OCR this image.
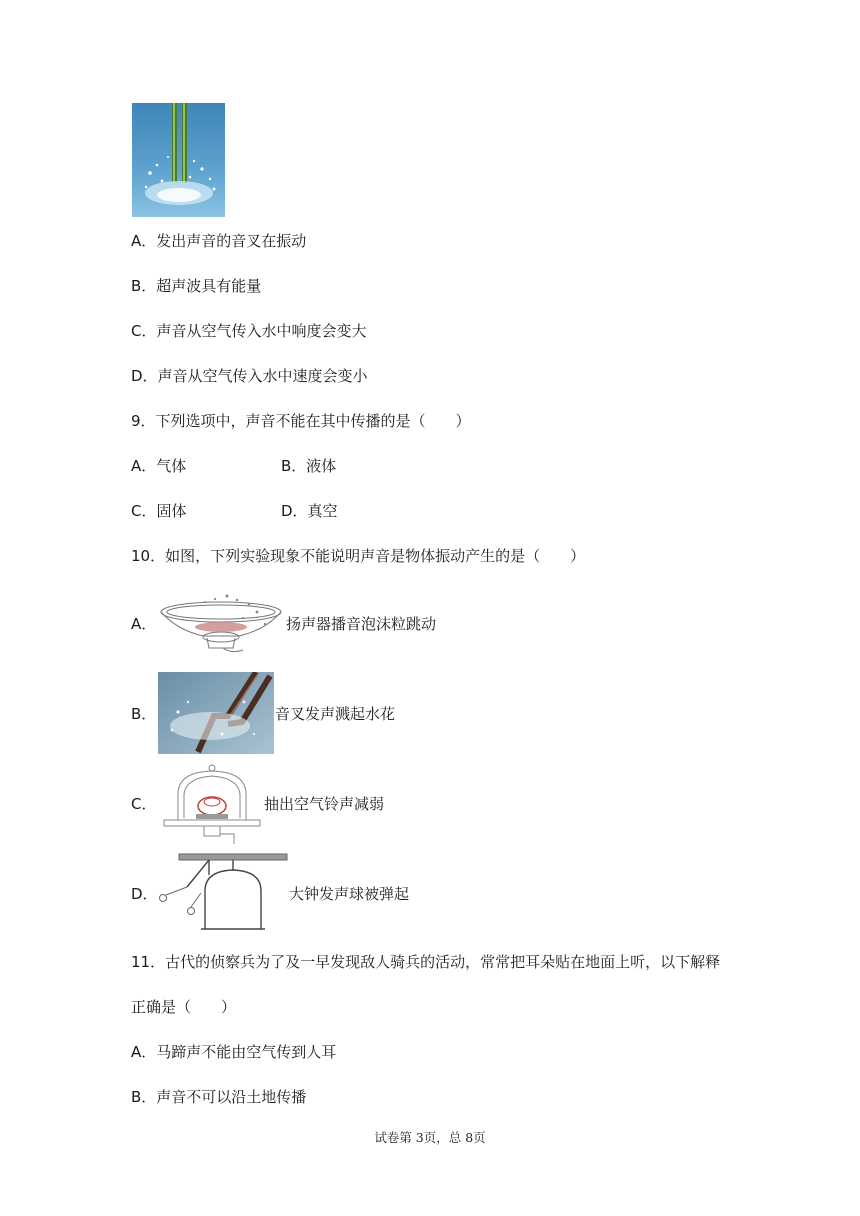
A．发出声音的音叉在振动
B．超声波具有能量
C．声音从空气传入水中响度会变大
D．声音从空气传入水中速度会变小
9．下列选项中，声音不能在其中传播的是（　　）
A．气体	B．液体
C．固体	D．真空
10．如图，下列实验现象不能说明声音是物体振动产生的是（　　）
A．	扬声器播音泡沫粒跳动
B．	音叉发声溅起水花
C．	抽出空气铃声减弱
D．	大钟发声球被弹起
11．古代的侦察兵为了及一早发现敌人骑兵的活动，常常把耳朵贴在地面上听，以下解释
正确是（　　）
A．马蹄声不能由空气传到人耳
B．声音不可以沿土地传播
试卷第 3页，总 8页
